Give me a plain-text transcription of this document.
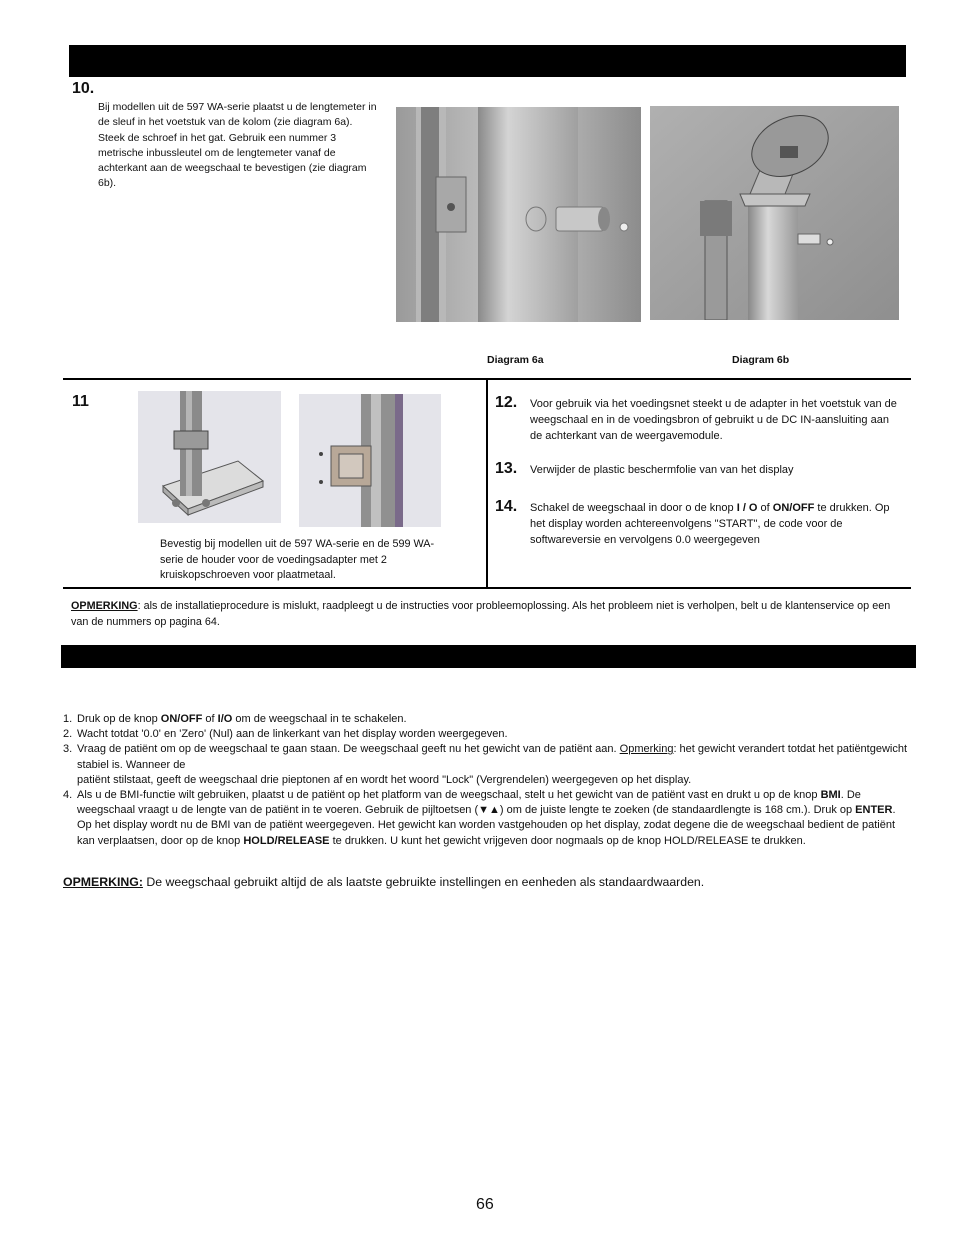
10.
Bij modellen uit de 597 WA-serie plaatst u de lengtemeter in de sleuf in het voetstuk van de kolom (zie diagram 6a). Steek de schroef in het gat. Gebruik een nummer 3 metrische inbussleutel om de lengtemeter vanaf de achterkant aan de weegschaal te bevestigen (zie diagram 6b).
Diagram 6a	Diagram 6b
11
Bevestig bij modellen uit de 597 WA-serie en de 599 WA-serie de houder voor de voedingsadapter met 2 kruiskopschroeven voor plaatmetaal.
12. Voor gebruik via het voedingsnet steekt u de adapter in het voetstuk van de weegschaal en in de voedingsbron of gebruikt u de DC IN-aansluiting aan de achterkant van de weergavemodule.
13. Verwijder de plastic beschermfolie van van het display
14. Schakel de weegschaal in door o de knop I / O of ON/OFF te drukken. Op het display worden achtereenvolgens "START", de code voor de softwareversie en vervolgens 0.0 weergegeven
OPMERKING: als de installatieprocedure is mislukt, raadpleegt u de instructies voor probleemoplossing. Als het probleem niet is verholpen, belt u de klantenservice op een van de nummers op pagina 64.
1. Druk op de knop ON/OFF of I/O om de weegschaal in te schakelen.
2. Wacht totdat '0.0' en 'Zero' (Nul) aan de linkerkant van het display worden weergegeven.
3. Vraag de patiënt om op de weegschaal te gaan staan. De weegschaal geeft nu het gewicht van de patiënt aan. Opmerking: het gewicht verandert totdat het patiëntgewicht stabiel is. Wanneer de
patiënt stilstaat, geeft de weegschaal drie pieptonen af en wordt het woord "Lock" (Vergrendelen) weergegeven op het display.
4. Als u de BMI-functie wilt gebruiken, plaatst u de patiënt op het platform van de weegschaal, stelt u het gewicht van de patiënt vast en drukt u op de knop BMI. De weegschaal vraagt u de lengte van de patiënt in te voeren. Gebruik de pijltoetsen (▼▲) om de juiste lengte te zoeken (de standaardlengte is 168 cm.). Druk op ENTER. Op het display wordt nu de BMI van de patiënt weergegeven. Het gewicht kan worden vastgehouden op het display, zodat degene die de weegschaal bedient de patiënt kan verplaatsen, door op de knop HOLD/RELEASE te drukken. U kunt het gewicht vrijgeven door nogmaals op de knop HOLD/RELEASE te drukken.
OPMERKING: De weegschaal gebruikt altijd de als laatste gebruikte instellingen en eenheden als standaardwaarden.
66
